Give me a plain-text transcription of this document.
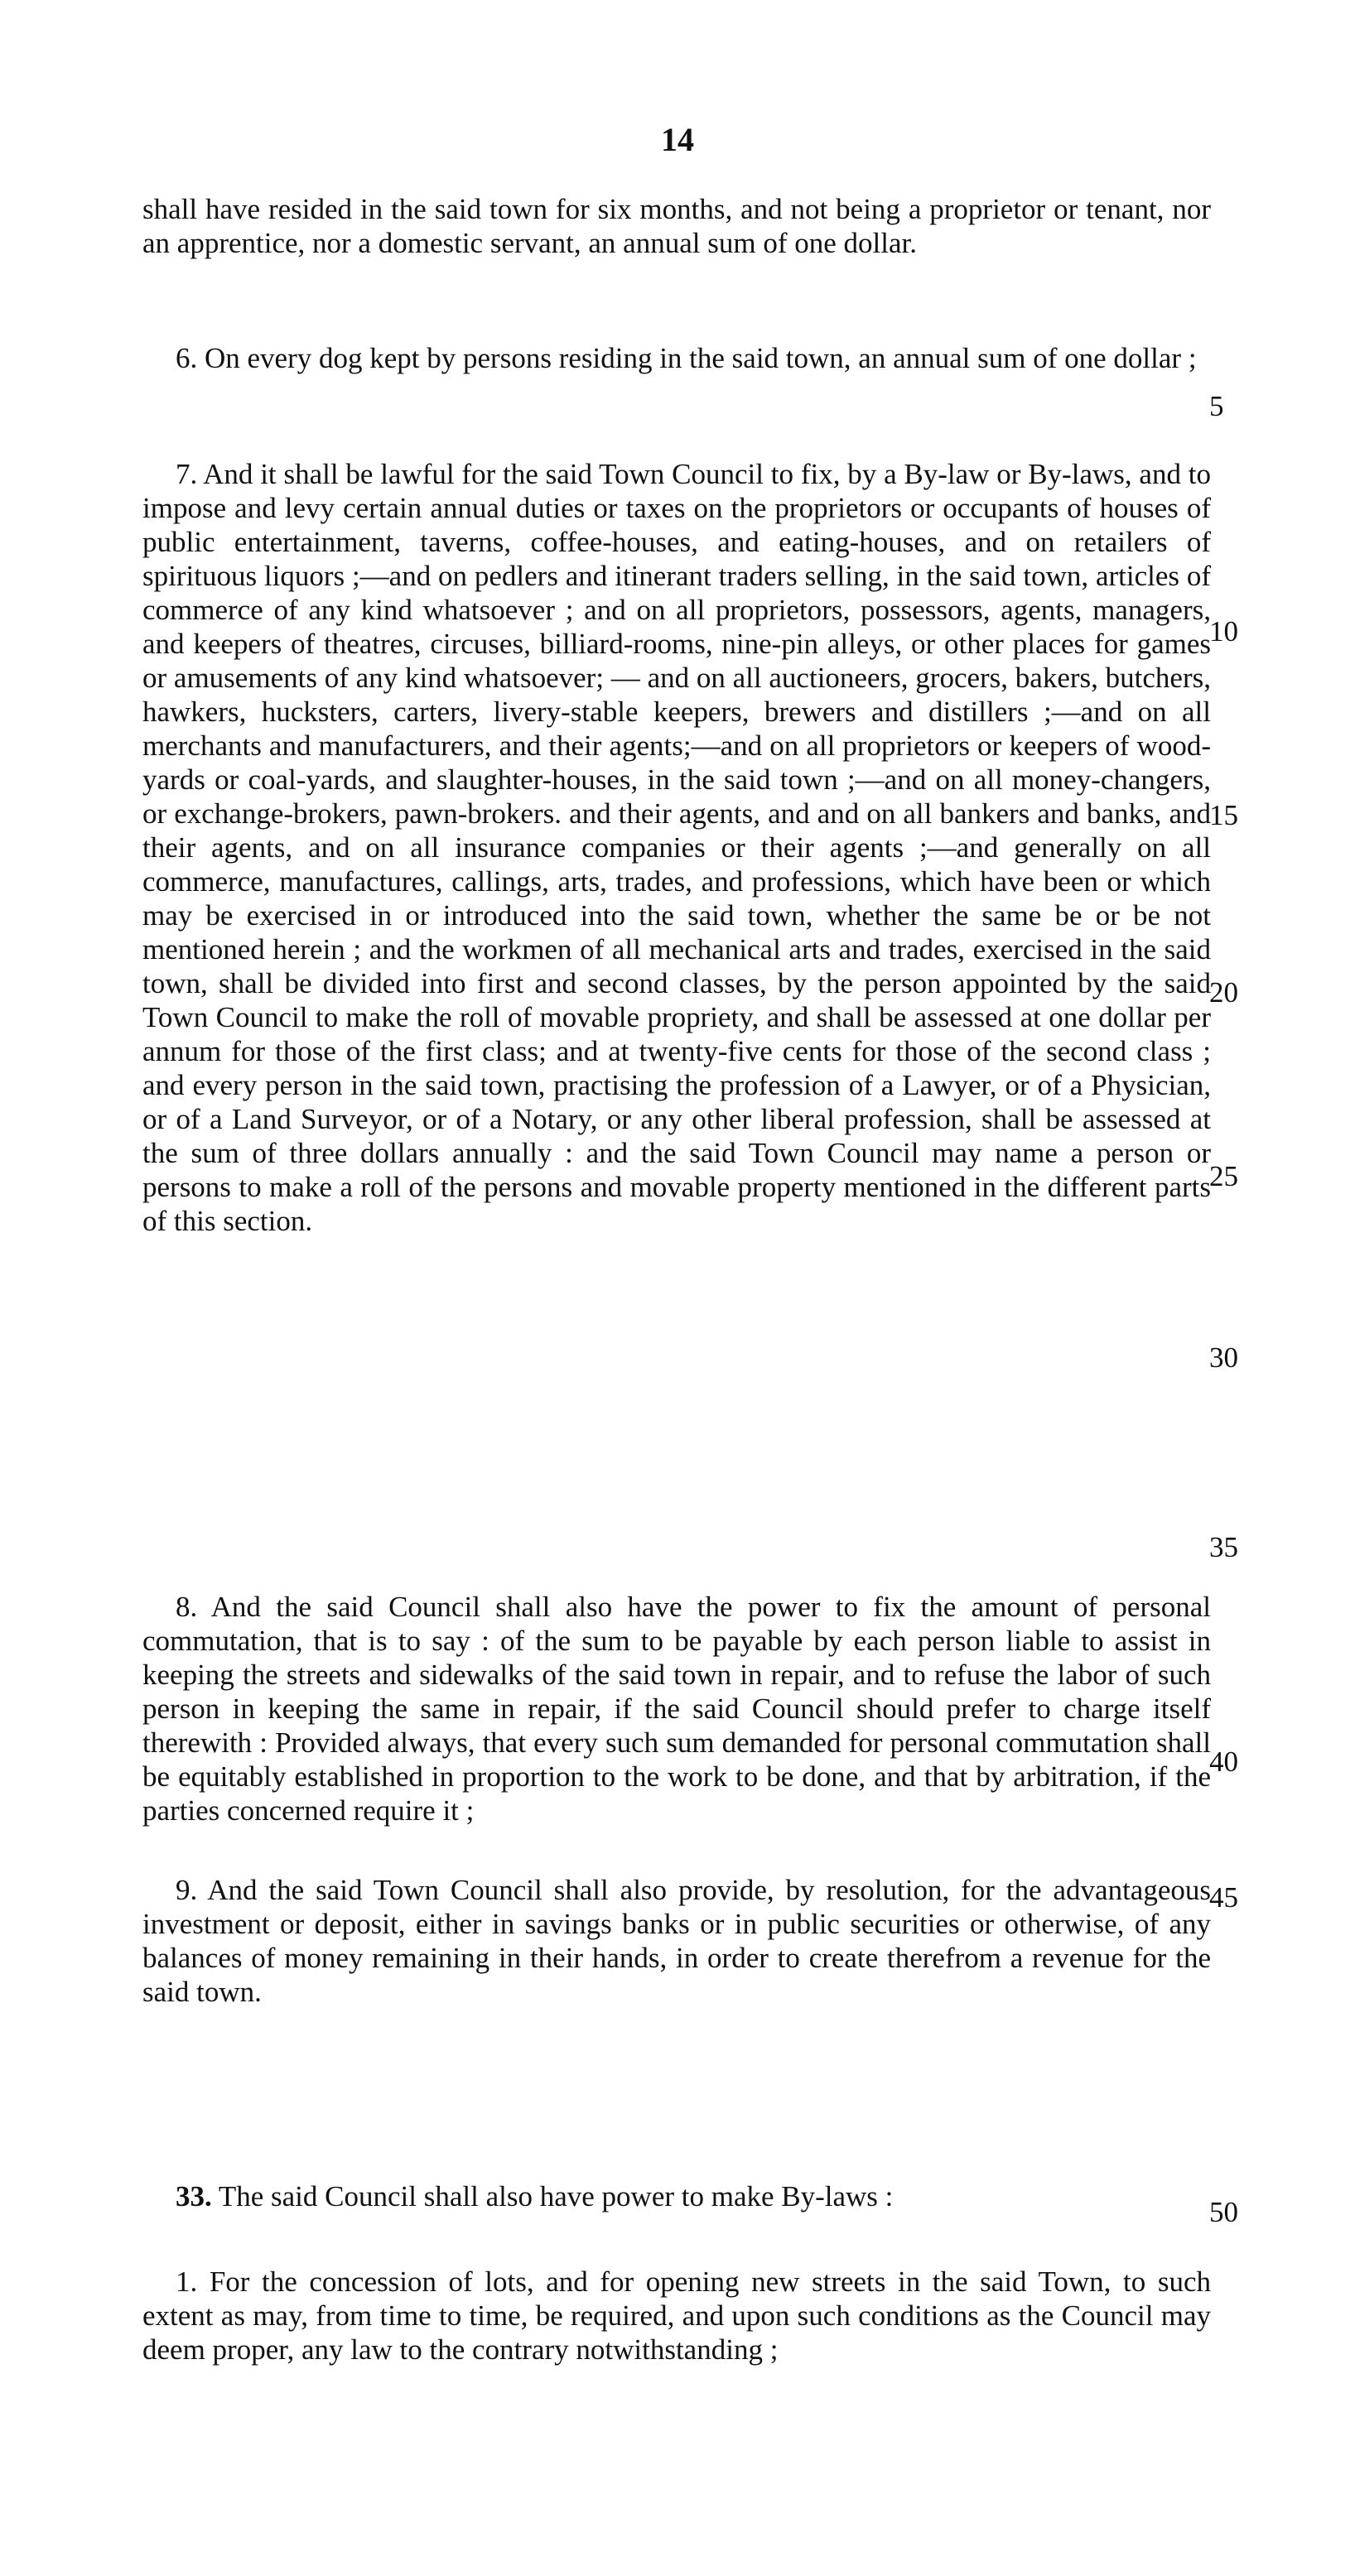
14

shall have resided in the said town for six months, and not being a proprietor or tenant, nor an apprentice, nor a domestic servant, an annual sum of one dollar.

6. On every dog kept by persons residing in the said town, an annual sum of one dollar ;

7. And it shall be lawful for the said Town Council to fix, by a By-law or By-laws, and to impose and levy certain annual duties or taxes on the proprietors or occupants of houses of public entertainment, taverns, coffee-houses, and eating-houses, and on retailers of spirituous liquors ;—and on pedlers and itinerant traders selling, in the said town, articles of commerce of any kind whatsoever ; and on all proprietors, possessors, agents, managers, and keepers of theatres, circuses, billiard-rooms, nine-pin alleys, or other places for games or amusements of any kind whatsoever; — and on all auctioneers, grocers, bakers, butchers, hawkers, hucksters, carters, livery-stable keepers, brewers and distillers ;—and on all merchants and manufacturers, and their agents;—and on all proprietors or keepers of wood-yards or coal-yards, and slaughter-houses, in the said town ;—and on all money-changers, or exchange-brokers, pawn-brokers. and their agents, and and on all bankers and banks, and their agents, and on all insurance companies or their agents ;—and generally on all commerce, manufactures, callings, arts, trades, and professions, which have been or which may be exercised in or introduced into the said town, whether the same be or be not mentioned herein ; and the workmen of all mechanical arts and trades, exercised in the said town, shall be divided into first and second classes, by the person appointed by the said Town Council to make the roll of movable propriety, and shall be assessed at one dollar per annum for those of the first class; and at twenty-five cents for those of the second class ; and every person in the said town, practising the profession of a Lawyer, or of a Physician, or of a Land Surveyor, or of a Notary, or any other liberal profession, shall be assessed at the sum of three dollars annually : and the said Town Council may name a person or persons to make a roll of the persons and movable property mentioned in the different parts of this section.

8. And the said Council shall also have the power to fix the amount of personal commutation, that is to say : of the sum to be payable by each person liable to assist in keeping the streets and sidewalks of the said town in repair, and to refuse the labor of such person in keeping the same in repair, if the said Council should prefer to charge itself therewith : Provided always, that every such sum demanded for personal commutation shall be equitably established in proportion to the work to be done, and that by arbitration, if the parties concerned require it ;

9. And the said Town Council shall also provide, by resolution, for the advantageous investment or deposit, either in savings banks or in public securities or otherwise, of any balances of money remaining in their hands, in order to create therefrom a revenue for the said town.

33. The said Council shall also have power to make By-laws :

1. For the concession of lots, and for opening new streets in the said Town, to such extent as may, from time to time, be required, and upon such conditions as the Council may deem proper, any law to the contrary notwithstanding ;

5
10
15
20
25
30
35
40
45
50
